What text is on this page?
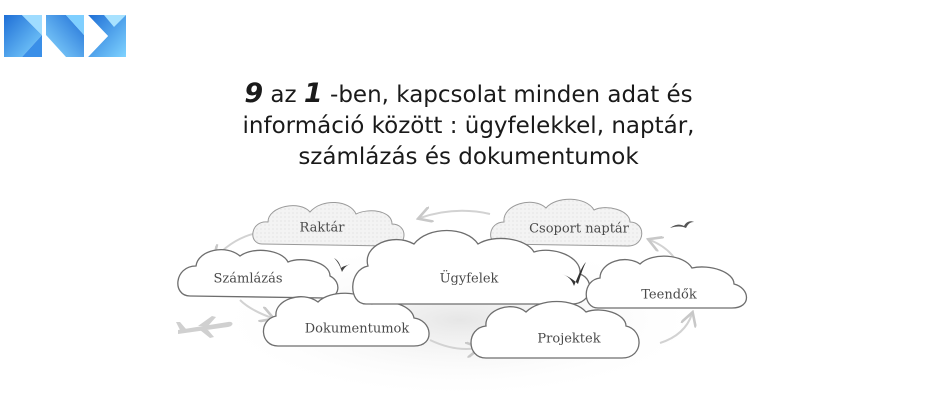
9 az 1 -ben, kapcsolat minden adat és
információ között : ügyfelekkel, naptár,
számlázás és dokumentumok
Raktár	Csoport naptár
Számlázás	Ügyfelek
Teendők
Dokumentumok
Projektek
